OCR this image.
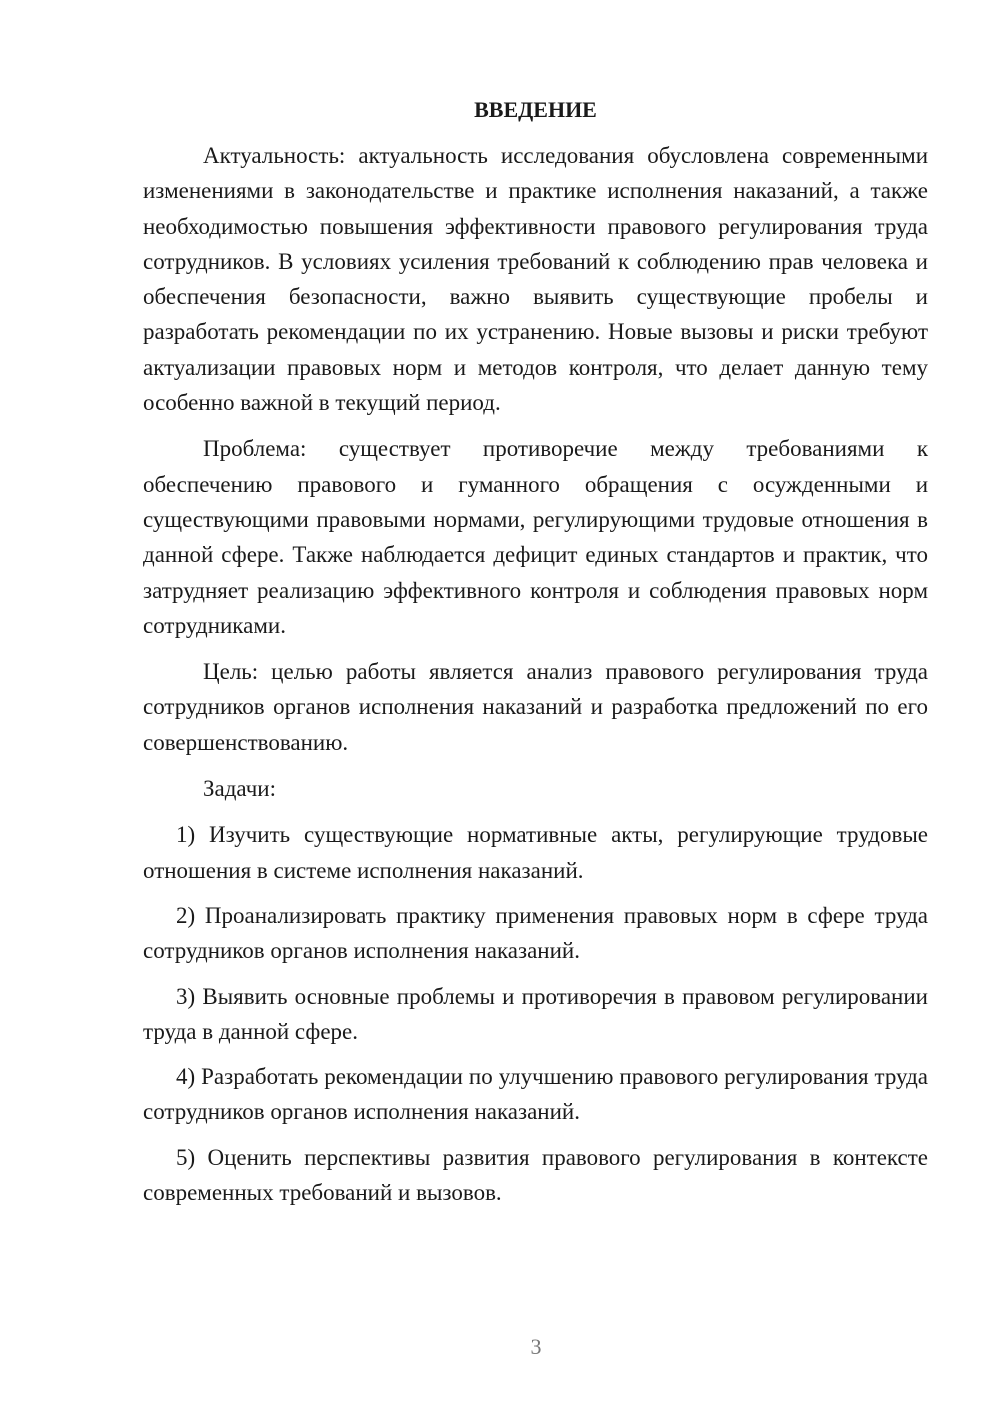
ВВЕДЕНИЕ

Актуальность: актуальность исследования обусловлена современными изменениями в законодательстве и практике исполнения наказаний, а также необходимостью повышения эффективности правового регулирования труда сотрудников. В условиях усиления требований к соблюдению прав человека и обеспечения безопасности, важно выявить существующие пробелы и разработать рекомендации по их устранению. Новые вызовы и риски требуют актуализации правовых норм и методов контроля, что делает данную тему особенно важной в текущий период.

Проблема: существует противоречие между требованиями к обеспечению правового и гуманного обращения с осужденными и существующими правовыми нормами, регулирующими трудовые отношения в данной сфере. Также наблюдается дефицит единых стандартов и практик, что затрудняет реализацию эффективного контроля и соблюдения правовых норм сотрудниками.

Цель: целью работы является анализ правового регулирования труда сотрудников органов исполнения наказаний и разработка предложений по его совершенствованию.

Задачи:

1) Изучить существующие нормативные акты, регулирующие трудовые отношения в системе исполнения наказаний.

2) Проанализировать практику применения правовых норм в сфере труда сотрудников органов исполнения наказаний.

3) Выявить основные проблемы и противоречия в правовом регулировании труда в данной сфере.

4) Разработать рекомендации по улучшению правового регулирования труда сотрудников органов исполнения наказаний.

5) Оценить перспективы развития правового регулирования в контексте современных требований и вызовов.

3
